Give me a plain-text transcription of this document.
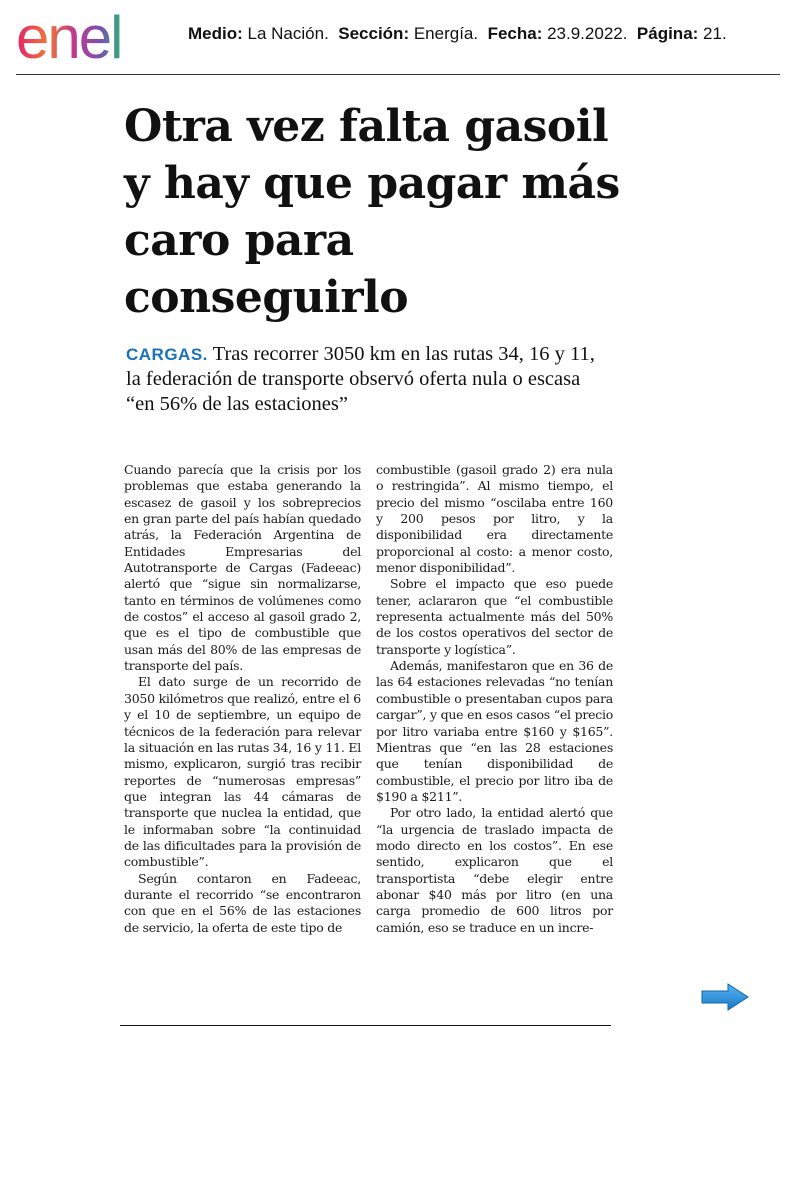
enel	Medio: La Nación. Sección: Energía. Fecha: 23.9.2022. Página: 21.
Otra vez falta gasoil y hay que pagar más caro para conseguirlo

CARGAS. Tras recorrer 3050 km en las rutas 34, 16 y 11, la federación de transporte observó oferta nula o escasa “en 56% de las estaciones”

Cuando parecía que la crisis por los problemas que estaba generando la escasez de gasoil y los sobreprecios en gran parte del país habían quedado atrás, la Federación Argentina de Entidades Empresarias del Autotransporte de Cargas (Fadeeac) alertó que “sigue sin normalizarse, tanto en términos de volúmenes como de costos” el acceso al gasoil grado 2, que es el tipo de combustible que usan más del 80% de las empresas de transporte del país.

El dato surge de un recorrido de 3050 kilómetros que realizó, entre el 6 y el 10 de septiembre, un equipo de técnicos de la federación para relevar la situación en las rutas 34, 16 y 11. El mismo, explicaron, surgió tras recibir reportes de “numerosas empresas” que integran las 44 cámaras de transporte que nuclea la entidad, que le informaban sobre “la continuidad de las dificultades para la provisión de combustible”.

Según contaron en Fadeeac, durante el recorrido “se encontraron con que en el 56% de las estaciones de servicio, la oferta de este tipo de

combustible (gasoil grado 2) era nula o restringida”. Al mismo tiempo, el precio del mismo “oscilaba entre 160 y 200 pesos por litro, y la disponibilidad era directamente proporcional al costo: a menor costo, menor disponibilidad”.

Sobre el impacto que eso puede tener, aclararon que “el combustible representa actualmente más del 50% de los costos operativos del sector de transporte y logística”.

Además, manifestaron que en 36 de las 64 estaciones relevadas “no tenían combustible o presentaban cupos para cargar”, y que en esos casos “el precio por litro variaba entre $160 y $165”. Mientras que “en las 28 estaciones que tenían disponibilidad de combustible, el precio por litro iba de $190 a $211”.

Por otro lado, la entidad alertó que “la urgencia de traslado impacta de modo directo en los costos”. En ese sentido, explicaron que el transportista “debe elegir entre abonar $40 más por litro (en una carga promedio de 600 litros por camión, eso se traduce en un incre-
